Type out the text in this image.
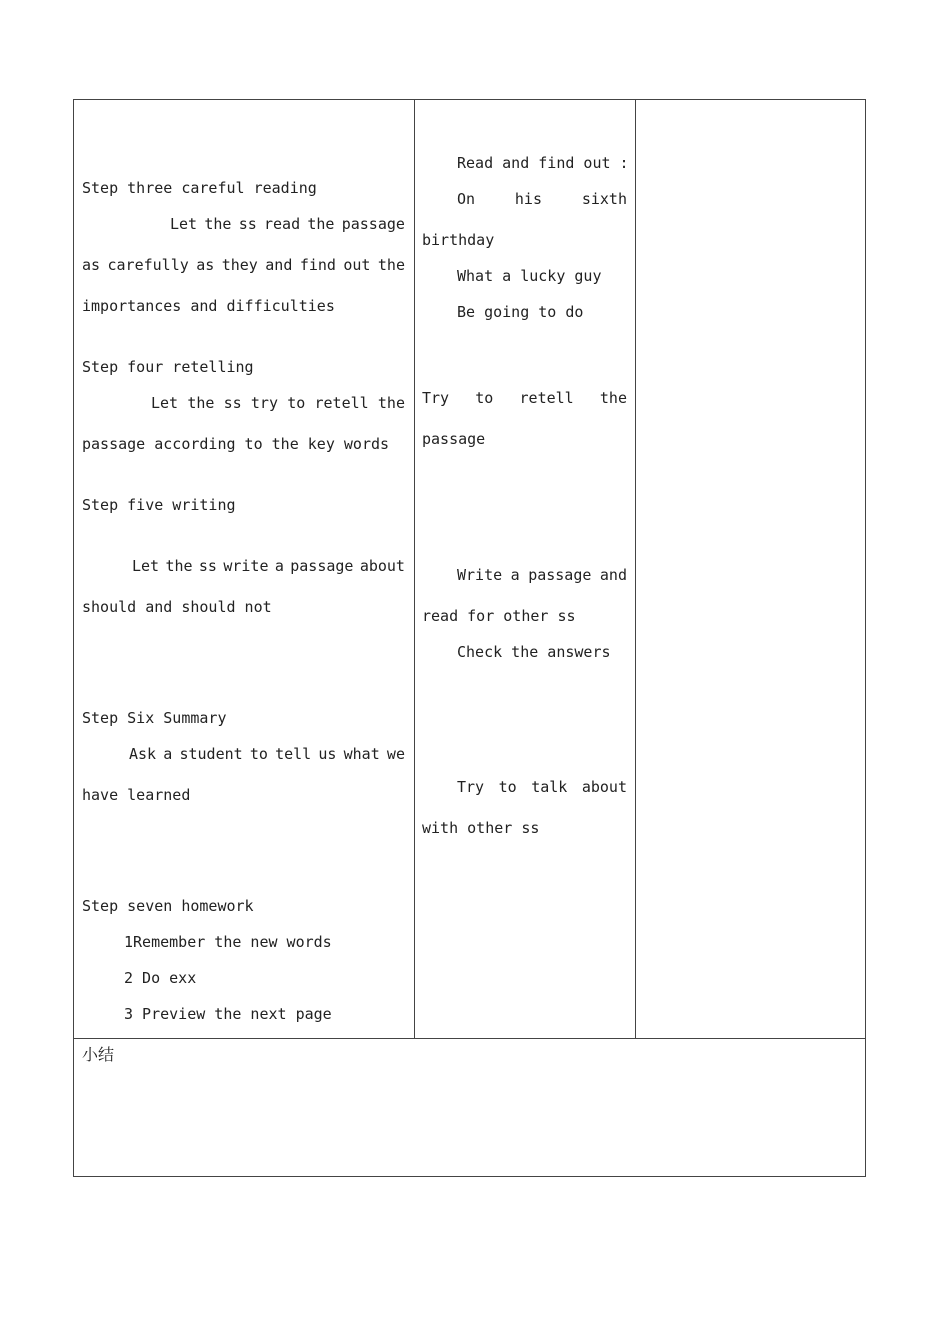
Step three careful reading
Let the ss read the passage
as carefully as they and find out the
importances and difficulties
Step four retelling
Let the ss try to retell the
passage according to the key words
Step five writing
Let the ss write a passage about
should and should not
Step Six Summary
Ask a student to tell us what we
have learned
Step seven homework
1Remember the new words
2 Do exx
3 Preview the next page
Read and find out :
On	his	sixth
birthday
What a lucky guy
Be going to do
Try to retell the
passage
Write a passage and
read for other ss
Check the answers
Try to talk about
with other ss
小结
